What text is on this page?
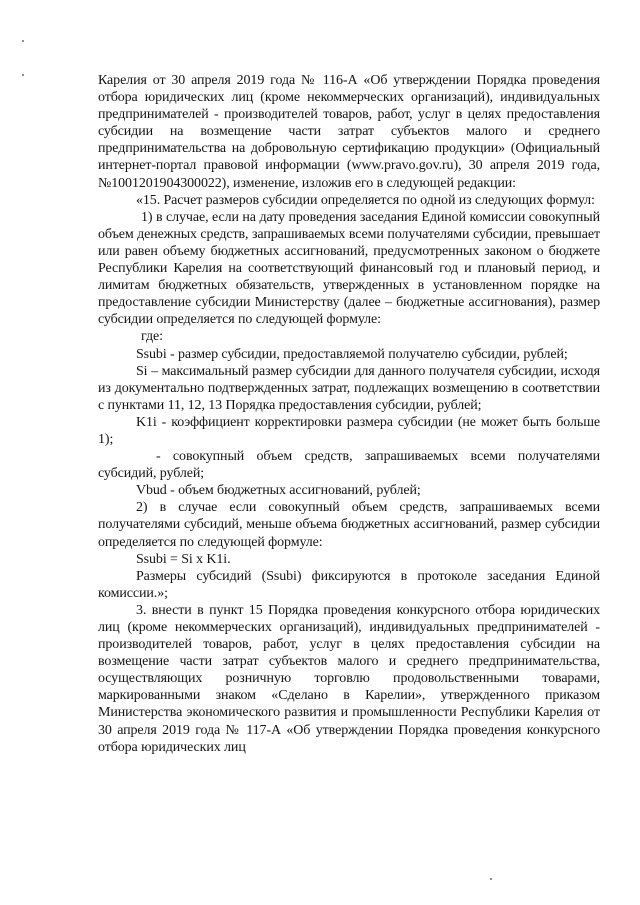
Карелия от 30 апреля 2019 года № 116-А «Об утверждении Порядка проведения отбора юридических лиц (кроме некоммерческих организаций), индивидуальных предпринимателей - производителей товаров, работ, услуг в целях предоставления субсидии на возмещение части затрат субъектов малого и среднего предпринимательства на добровольную сертификацию продукции» (Официальный интернет-портал правовой информации (www.pravo.gov.ru), 30 апреля 2019 года, №1001201904300022), изменение, изложив его в следующей редакции:

«15. Расчет размеров субсидии определяется по одной из следующих формул:

1) в случае, если на дату проведения заседания Единой комиссии совокупный объем денежных средств, запрашиваемых всеми получателями субсидии, превышает или равен объему бюджетных ассигнований, предусмотренных законом о бюджете Республики Карелия на соответствующий финансовый год и плановый период, и лимитам бюджетных обязательств, утвержденных в установленном порядке на предоставление субсидии Министерству (далее – бюджетные ассигнования), размер субсидии определяется по следующей формуле:

где:

Ssubi - размер субсидии, предоставляемой получателю субсидии, рублей;

Si – максимальный размер субсидии для данного получателя субсидии, исходя из документально подтвержденных затрат, подлежащих возмещению в соответствии с пунктами 11, 12, 13 Порядка предоставления субсидии, рублей;

K1i - коэффициент корректировки размера субсидии (не может быть больше 1);

- совокупный объем средств, запрашиваемых всеми получателями субсидий, рублей;

Vbud - объем бюджетных ассигнований, рублей;

2) в случае если совокупный объем средств, запрашиваемых всеми получателями субсидий, меньше объема бюджетных ассигнований, размер субсидии определяется по следующей формуле:

Ssubi = Si x K1i.

Размеры субсидий (Ssubi) фиксируются в протоколе заседания Единой комиссии.»;

3. внести в пункт 15 Порядка проведения конкурсного отбора юридических лиц (кроме некоммерческих организаций), индивидуальных предпринимателей - производителей товаров, работ, услуг в целях предоставления субсидии на возмещение части затрат субъектов малого и среднего предпринимательства, осуществляющих розничную торговлю продовольственными товарами, маркированными знаком «Сделано в Карелии», утвержденного приказом Министерства экономического развития и промышленности Республики Карелия от 30 апреля 2019 года № 117-А «Об утверждении Порядка проведения конкурсного отбора юридических лиц
